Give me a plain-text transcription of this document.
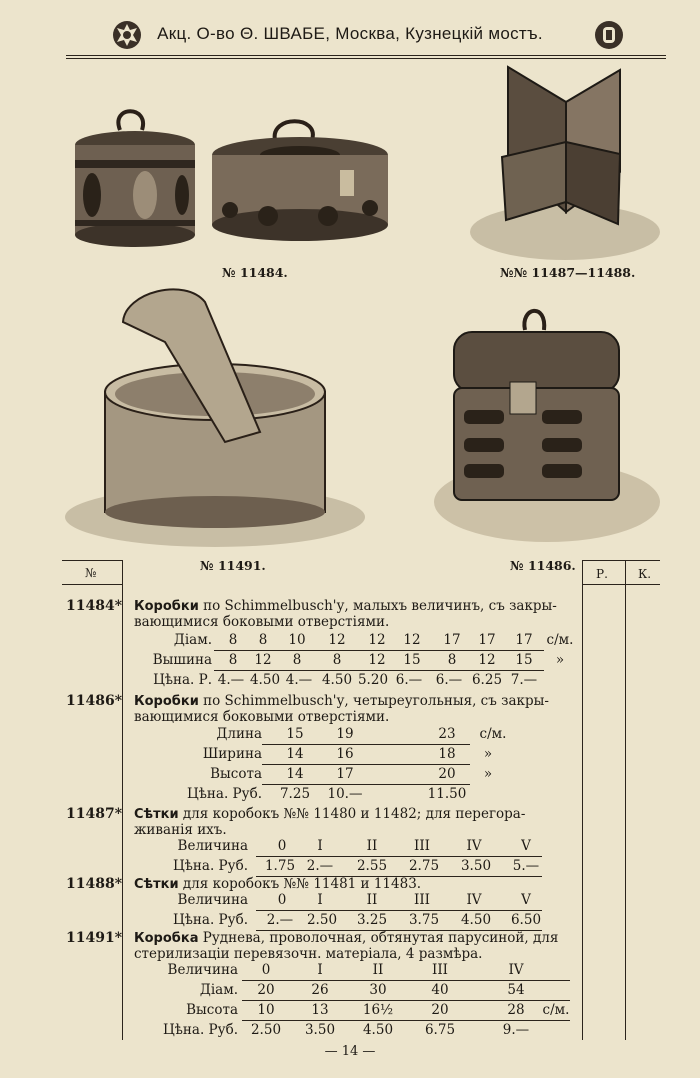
Акц. О-во Θ. ШВАБЕ, Москва, Кузнецкій мостъ.
№ 11484.	№№ 11487—11488.
№ 11491.	№ 11486.
№	Р.	К.
11484* Коробки по Schimmelbusch'у, малыхъ величинъ, съ закры-
вающимися боковыми отверстіями.
Діам.	8	8	10	12	12	12	17	17	17	с/м.
Вышина	8	12	8	8	12	15	8	12	15	»
Цѣна. Р. 4.— 4.50 4.— 4.50 5.20 6.— 6.— 6.25 7.—
11486* Коробки по Schimmelbusch'у, четыреугольныя, съ закры-
вающимися боковыми отверстіями.
Длина	15	19	23	с/м.
Ширина	14	16	18	»
Высота	14	17	20	»
Цѣна. Руб.	7.25	10.—	11.50
11487* Сѣтки для коробокъ №№ 11480 и 11482; для перегора-
живанія ихъ.
Величина	0	I	II	III	IV	V
Цѣна. Руб.	1.75 2.—	2.55	2.75	3.50	5.—
11488* Сѣтки для коробокъ №№ 11481 и 11483.
Величина	0	I	II	III	IV	V
Цѣна. Руб.	2.—	2.50	3.25	3.75	4.50	6.50
11491* Коробка Руднева, проволочная, обтянутая парусиной, для
стерилизаціи перевязочн. матеріала, 4 размѣра.
Величина	0	I	II	III	IV
Діам.	20	26	30	40	54
Высота	10	13	16½	20	28	с/м.
Цѣна. Руб. 2.50	3.50	4.50	6.75	9.—
— 14 —
